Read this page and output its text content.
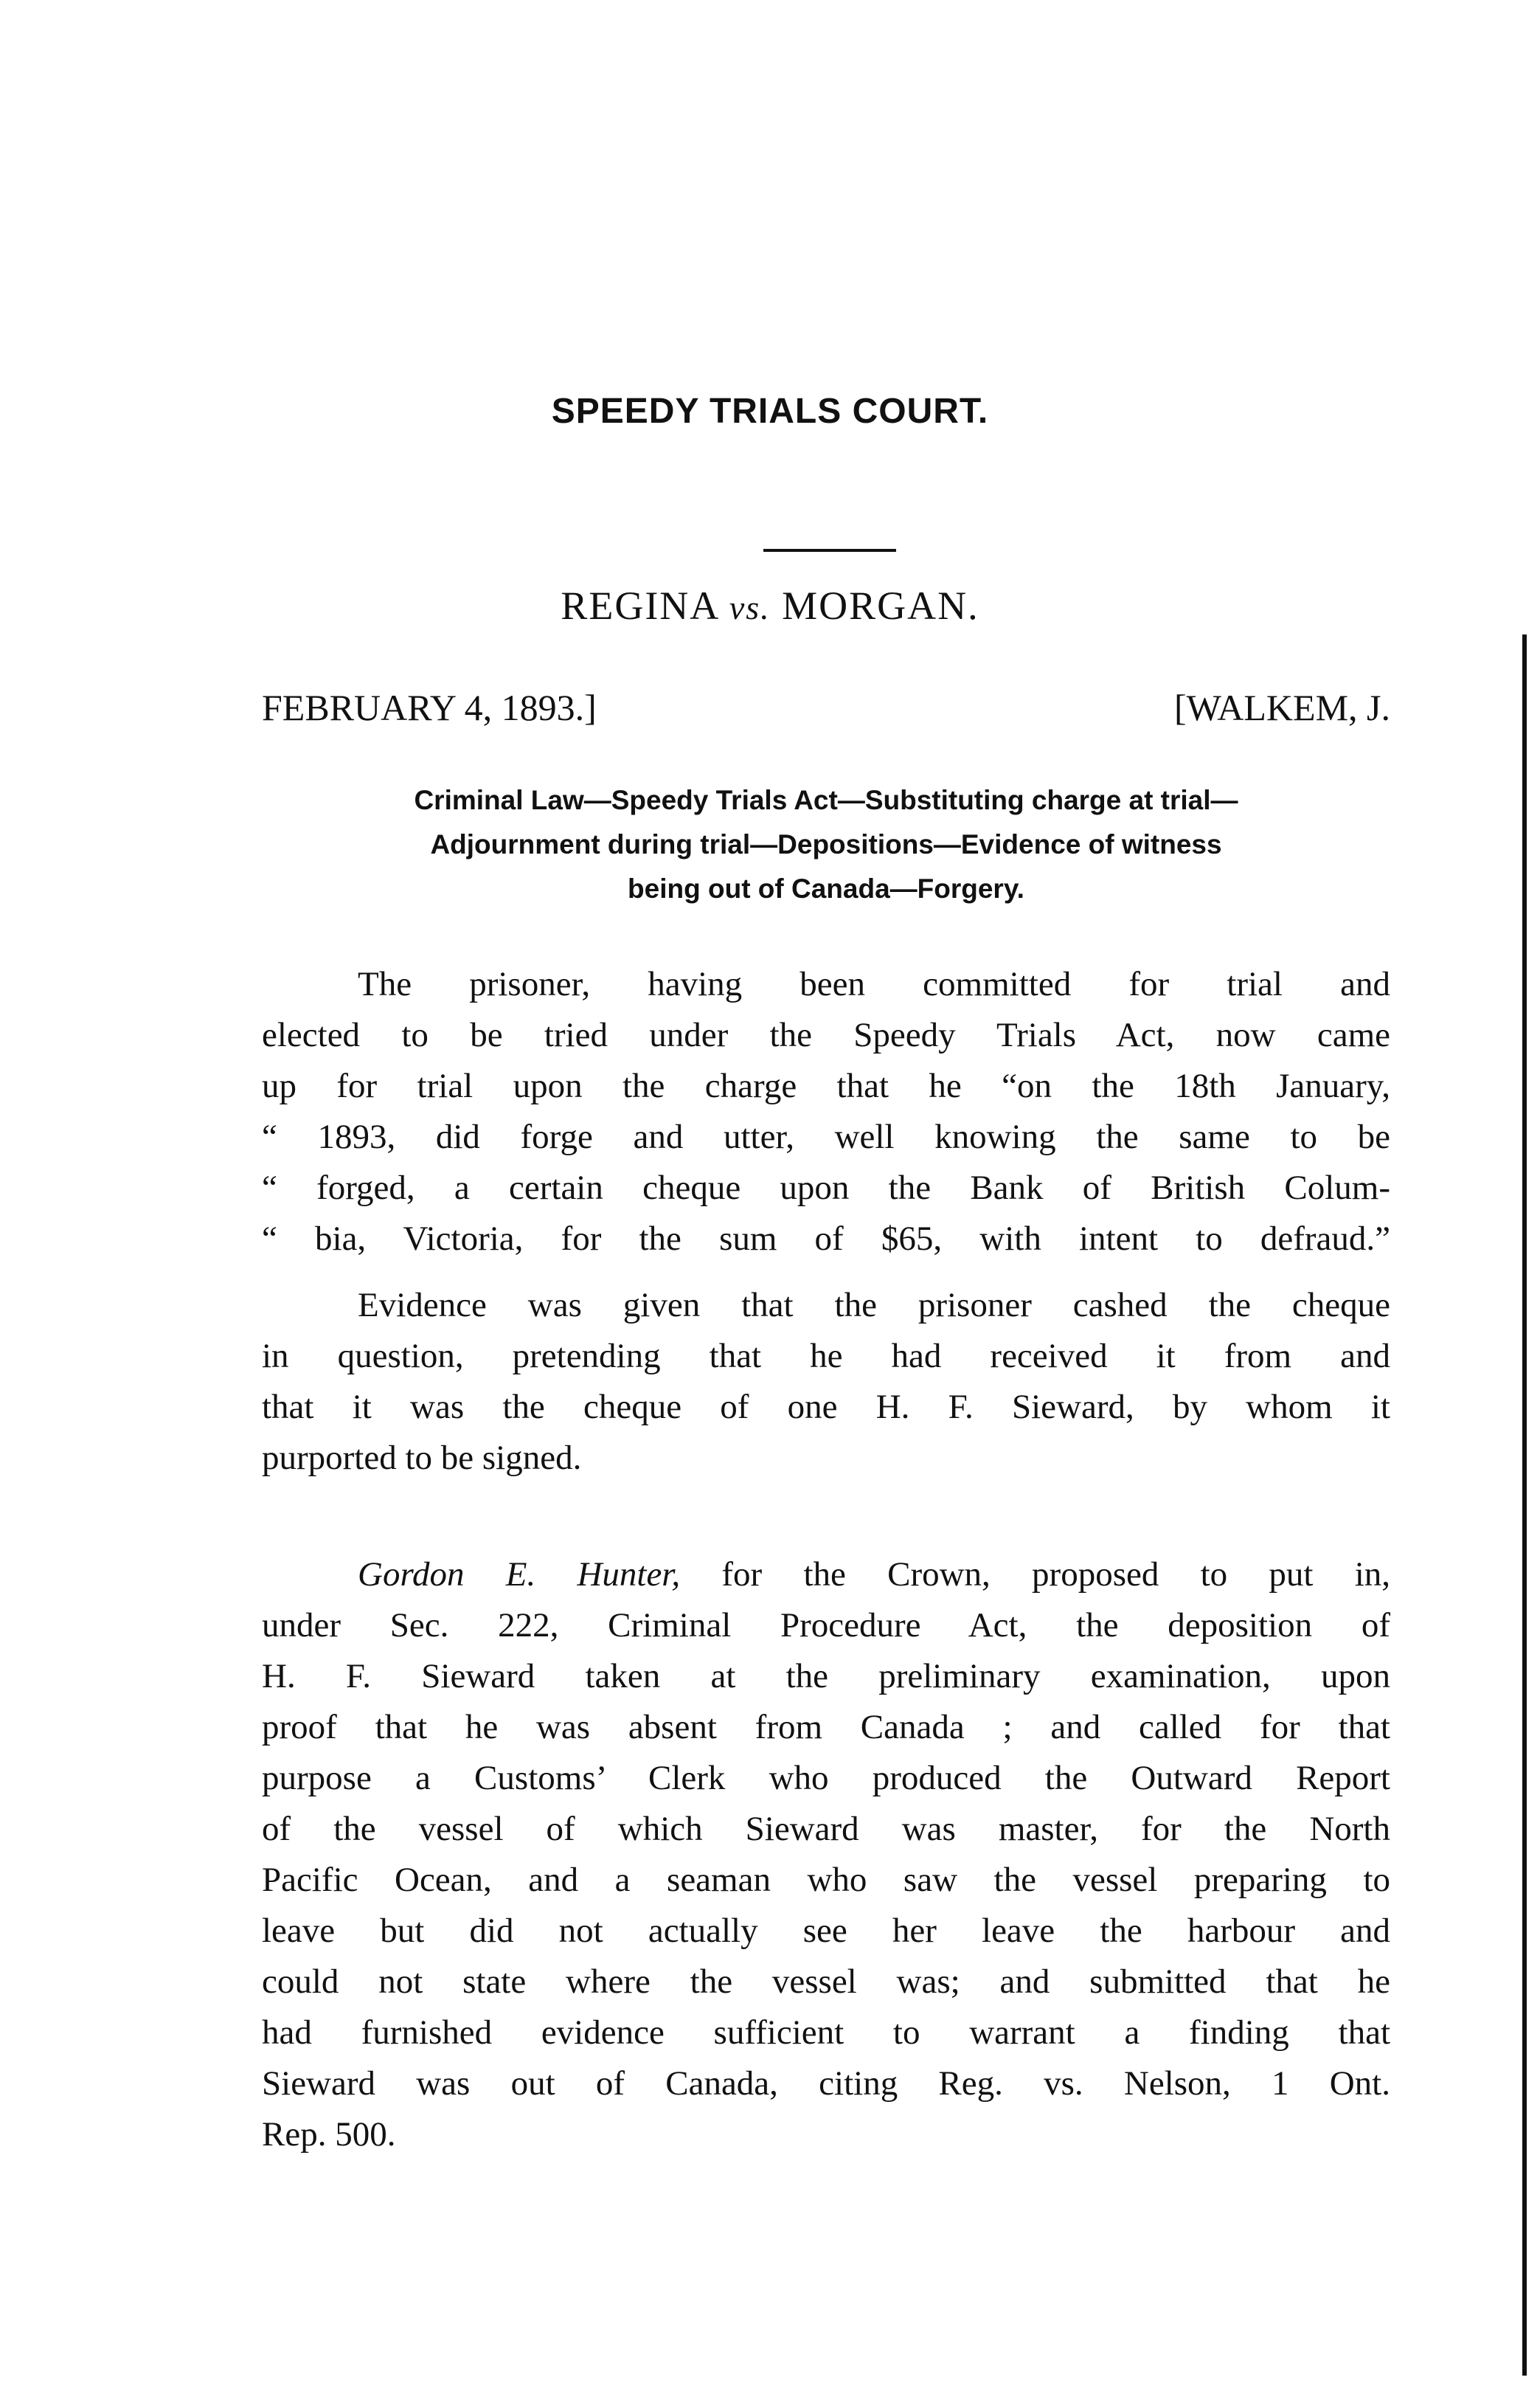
SPEEDY TRIALS COURT.
REGINA vs. MORGAN.
FEBRUARY 4, 1893.]	[WALKEM, J.
Criminal Law—Speedy Trials Act—Substituting charge at trial—
Adjournment during trial—Depositions—Evidence of witness
being out of Canada—Forgery.
The prisoner, having been committed for trial and
elected to be tried under the Speedy Trials Act, now came
up for trial upon the charge that he “on the 18th January,
“ 1893, did forge and utter, well knowing the same to be
“ forged, a certain cheque upon the Bank of British Colum-
“ bia, Victoria, for the sum of $65, with intent to defraud.”
Evidence was given that the prisoner cashed the cheque
in question, pretending that he had received it from and
that it was the cheque of one H. F. Sieward, by whom it
purported to be signed.
Gordon E. Hunter, for the Crown, proposed to put in,
under Sec. 222, Criminal Procedure Act, the deposition of
H. F. Sieward taken at the preliminary examination, upon
proof that he was absent from Canada ; and called for that
purpose a Customs’ Clerk who produced the Outward Report
of the vessel of which Sieward was master, for the North
Pacific Ocean, and a seaman who saw the vessel preparing to
leave but did not actually see her leave the harbour and
could not state where the vessel was; and submitted that he
had furnished evidence sufficient to warrant a finding that
Sieward was out of Canada, citing Reg. vs. Nelson, 1 Ont.
Rep. 500.
